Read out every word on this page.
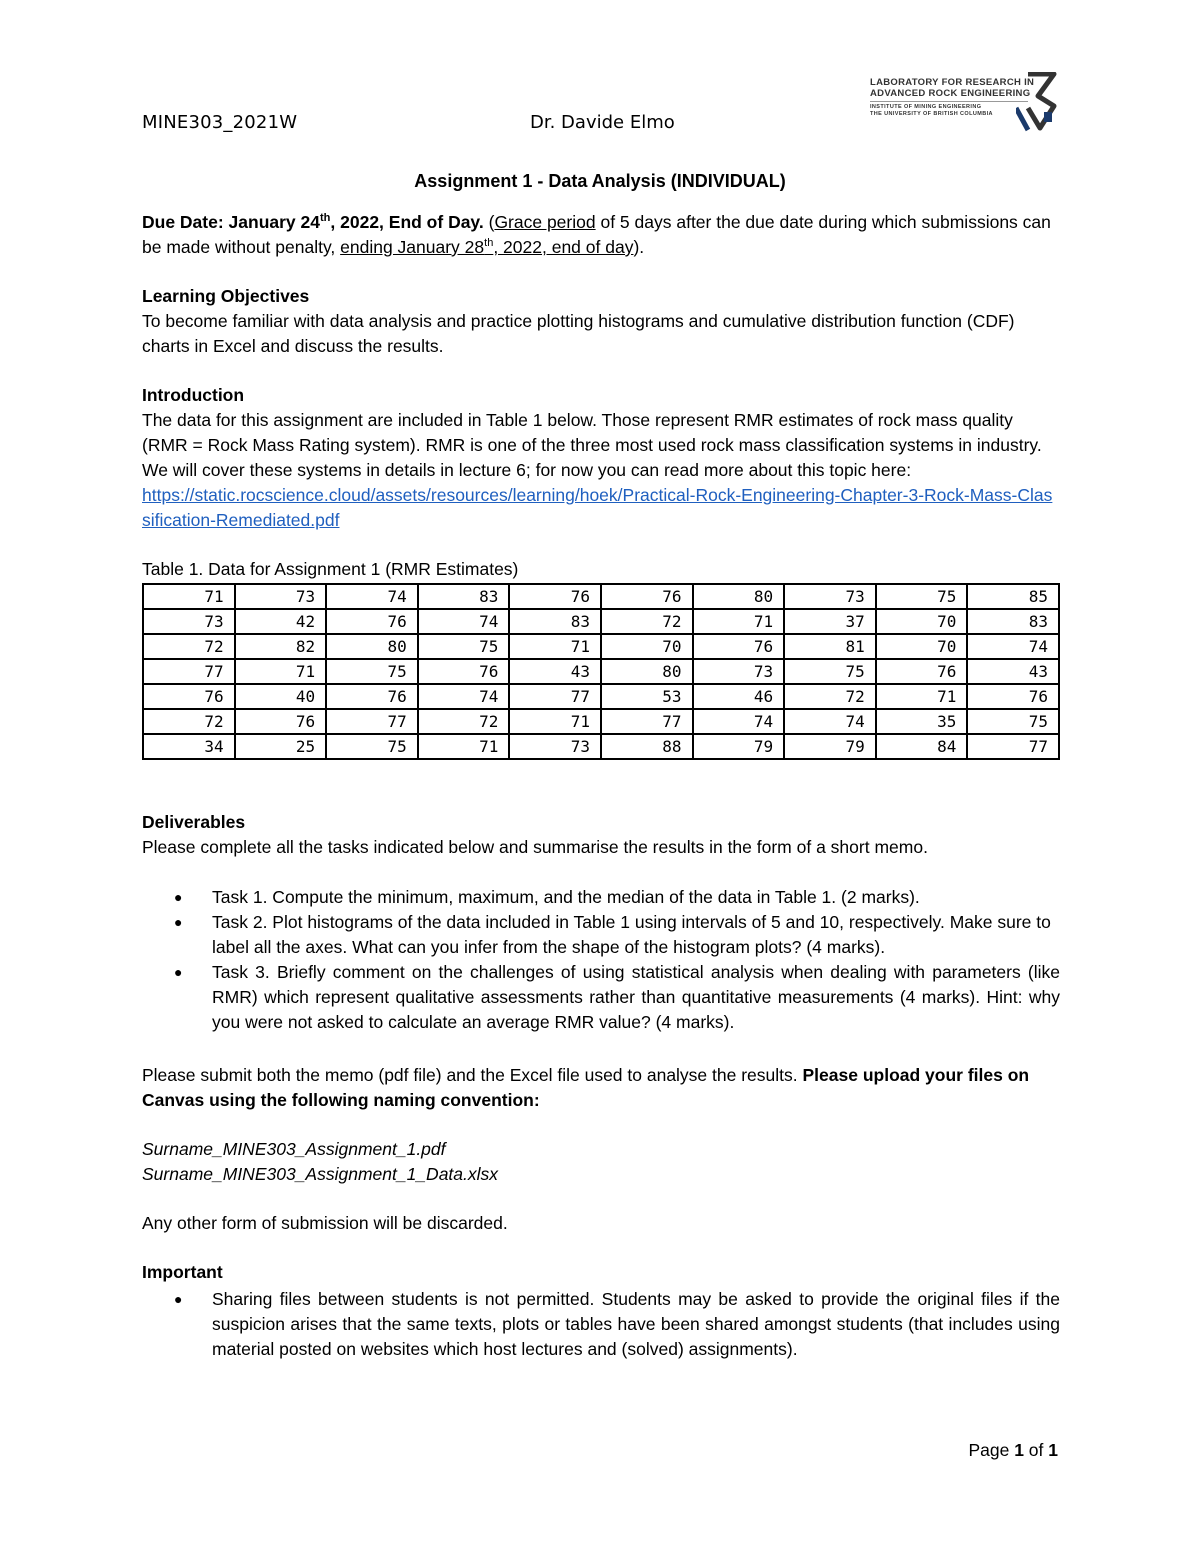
MINE303_2021W	Dr. Davide Elmo
LABORATORY FOR RESEARCH IN
ADVANCED ROCK ENGINEERING
INSTITUTE OF MINING ENGINEERING
THE UNIVERSITY OF BRITISH COLUMBIA
Assignment 1 - Data Analysis (INDIVIDUAL)
Due Date: January 24th, 2022, End of Day. (Grace period of 5 days after the due date during which submissions can be made without penalty, ending January 28th, 2022, end of day).
Learning Objectives
To become familiar with data analysis and practice plotting histograms and cumulative distribution function (CDF) charts in Excel and discuss the results.
Introduction
The data for this assignment are included in Table 1 below. Those represent RMR estimates of rock mass quality (RMR = Rock Mass Rating system). RMR is one of the three most used rock mass classification systems in industry. We will cover these systems in details in lecture 6; for now you can read more about this topic here:
https://static.rocscience.cloud/assets/resources/learning/hoek/Practical-Rock-Engineering-Chapter-3-Rock-Mass-Classification-Remediated.pdf
Table 1. Data for Assignment 1 (RMR Estimates)
71	73	74	83	76	76	80	73	75	85
73	42	76	74	83	72	71	37	70	83
72	82	80	75	71	70	76	81	70	74
77	71	75	76	43	80	73	75	76	43
76	40	76	74	77	53	46	72	71	76
72	76	77	72	71	77	74	74	35	75
34	25	75	71	73	88	79	79	84	77
Deliverables
Please complete all the tasks indicated below and summarise the results in the form of a short memo.
● Task 1. Compute the minimum, maximum, and the median of the data in Table 1. (2 marks).
● Task 2. Plot histograms of the data included in Table 1 using intervals of 5 and 10, respectively. Make sure to label all the axes. What can you infer from the shape of the histogram plots? (4 marks).
● Task 3. Briefly comment on the challenges of using statistical analysis when dealing with parameters (like RMR) which represent qualitative assessments rather than quantitative measurements (4 marks). Hint: why you were not asked to calculate an average RMR value? (4 marks).
Please submit both the memo (pdf file) and the Excel file used to analyse the results. Please upload your files on Canvas using the following naming convention:
Surname_MINE303_Assignment_1.pdf
Surname_MINE303_Assignment_1_Data.xlsx
Any other form of submission will be discarded.
Important
● Sharing files between students is not permitted. Students may be asked to provide the original files if the suspicion arises that the same texts, plots or tables have been shared amongst students (that includes using material posted on websites which host lectures and (solved) assignments).
Page 1 of 1
